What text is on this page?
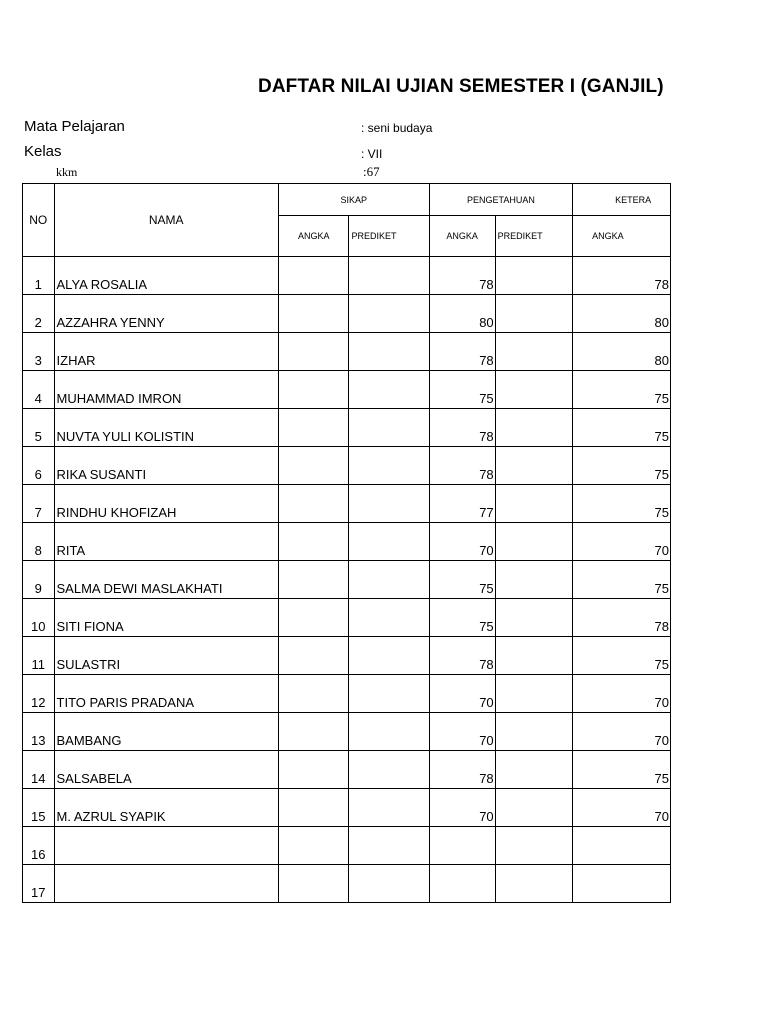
DAFTAR NILAI UJIAN SEMESTER I (GANJIL)
Mata Pelajaran	: seni budaya
Kelas	: VII
kkm	:67
NO	NAMA	SIKAP		PENGETAHUAN		KETERA
		ANGKA	PREDIKET	ANGKA	PREDIKET	ANGKA
1	ALYA ROSALIA			78		78
2	AZZAHRA YENNY			80		80
3	IZHAR			78		80
4	MUHAMMAD IMRON			75		75
5	NUVTA YULI KOLISTIN			78		75
6	RIKA SUSANTI			78		75
7	RINDHU KHOFIZAH			77		75
8	RITA			70		70
9	SALMA DEWI MASLAKHATI			75		75
10	SITI FIONA			75		78
11	SULASTRI			78		75
12	TITO PARIS PRADANA			70		70
13	BAMBANG			70		70
14	SALSABELA			78		75
15	M. AZRUL SYAPIK			70		70
16						
17						
